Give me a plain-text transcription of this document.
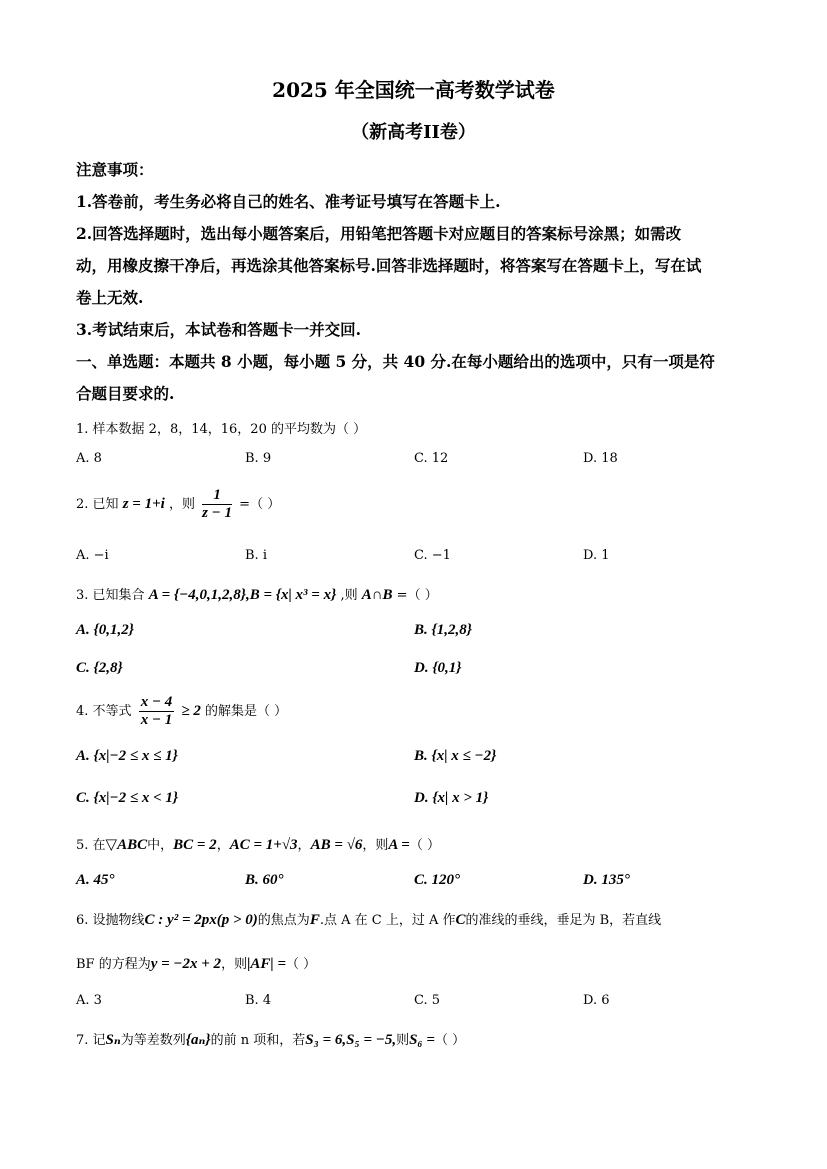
2025 年全国统一高考数学试卷
（新高考II卷）
注意事项：
1.答卷前，考生务必将自己的姓名、准考证号填写在答题卡上.
2.回答选择题时，选出每小题答案后，用铅笔把答题卡对应题目的答案标号涂黑；如需改
动，用橡皮擦干净后，再选涂其他答案标号.回答非选择题时，将答案写在答题卡上，写在试
卷上无效.
3.考试结束后，本试卷和答题卡一并交回.
一、单选题：本题共 8 小题，每小题 5 分，共 40 分.在每小题给出的选项中，只有一项是符
合题目要求的.
1. 样本数据 2，8，14，16，20 的平均数为（ ）
A. 8	B. 9	C. 12	D. 18
2. 已知 z = 1+i ，则 $\frac{1}{z - 1}$ =（ ）
A. −i	B. i	C. −1	D. 1
3. 已知集合 A = {−4,0,1,2,8},B = {x| x³ = x} ,则 A∩B =（ ）
A. {0,1,2}	B. {1,2,8}
C. {2,8}	D. {0,1}
4. 不等式 $\frac{x - 4}{x - 1} \ge 2$ 的解集是（ ）
A. {x|−2 ≤ x ≤ 1}	B. {x| x ≤ −2}
C. {x|−2 ≤ x < 1}	D. {x| x > 1}
5. 在▽ABC中，BC = 2，AC = 1+√3，AB = √6，则A =（ ）
A. 45°	B. 60°	C. 120°	D. 135°
6. 设抛物线C : y² = 2px(p > 0)的焦点为F.点 A 在 C 上，过 A 作C的准线的垂线，垂足为 B，若直线
BF 的方程为y = −2x + 2，则|AF| =（ ）
A. 3	B. 4	C. 5	D. 6
7. 记Sₙ为等差数列{aₙ}的前 n 项和，若S₃ = 6,S₅ = −5,则S₆ =（ ）
